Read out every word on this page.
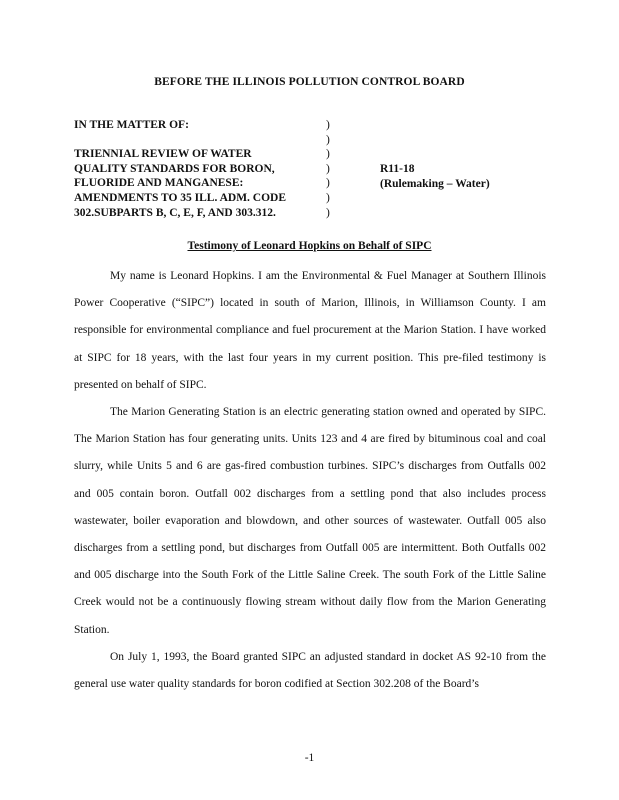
BEFORE THE ILLINOIS POLLUTION CONTROL BOARD
IN THE MATTER OF:
TRIENNIAL REVIEW OF WATER
QUALITY STANDARDS FOR BORON,
FLUORIDE AND MANGANESE:
AMENDMENTS TO 35 ILL. ADM. CODE
302.SUBPARTS B, C, E, F, AND 303.312.
)
)
)
)
)
)
)
R11-18
(Rulemaking – Water)
Testimony of Leonard Hopkins on Behalf of SIPC

My name is Leonard Hopkins. I am the Environmental & Fuel Manager at Southern Illinois Power Cooperative (“SIPC”) located in south of Marion, Illinois, in Williamson County. I am responsible for environmental compliance and fuel procurement at the Marion Station. I have worked at SIPC for 18 years, with the last four years in my current position. This pre-filed testimony is presented on behalf of SIPC.

The Marion Generating Station is an electric generating station owned and operated by SIPC. The Marion Station has four generating units. Units 123 and 4 are fired by bituminous coal and coal slurry, while Units 5 and 6 are gas-fired combustion turbines. SIPC’s discharges from Outfalls 002 and 005 contain boron. Outfall 002 discharges from a settling pond that also includes process wastewater, boiler evaporation and blowdown, and other sources of wastewater. Outfall 005 also discharges from a settling pond, but discharges from Outfall 005 are intermittent. Both Outfalls 002 and 005 discharge into the South Fork of the Little Saline Creek. The south Fork of the Little Saline Creek would not be a continuously flowing stream without daily flow from the Marion Generating Station.

On July 1, 1993, the Board granted SIPC an adjusted standard in docket AS 92-10 from the general use water quality standards for boron codified at Section 302.208 of the Board’s

-1
